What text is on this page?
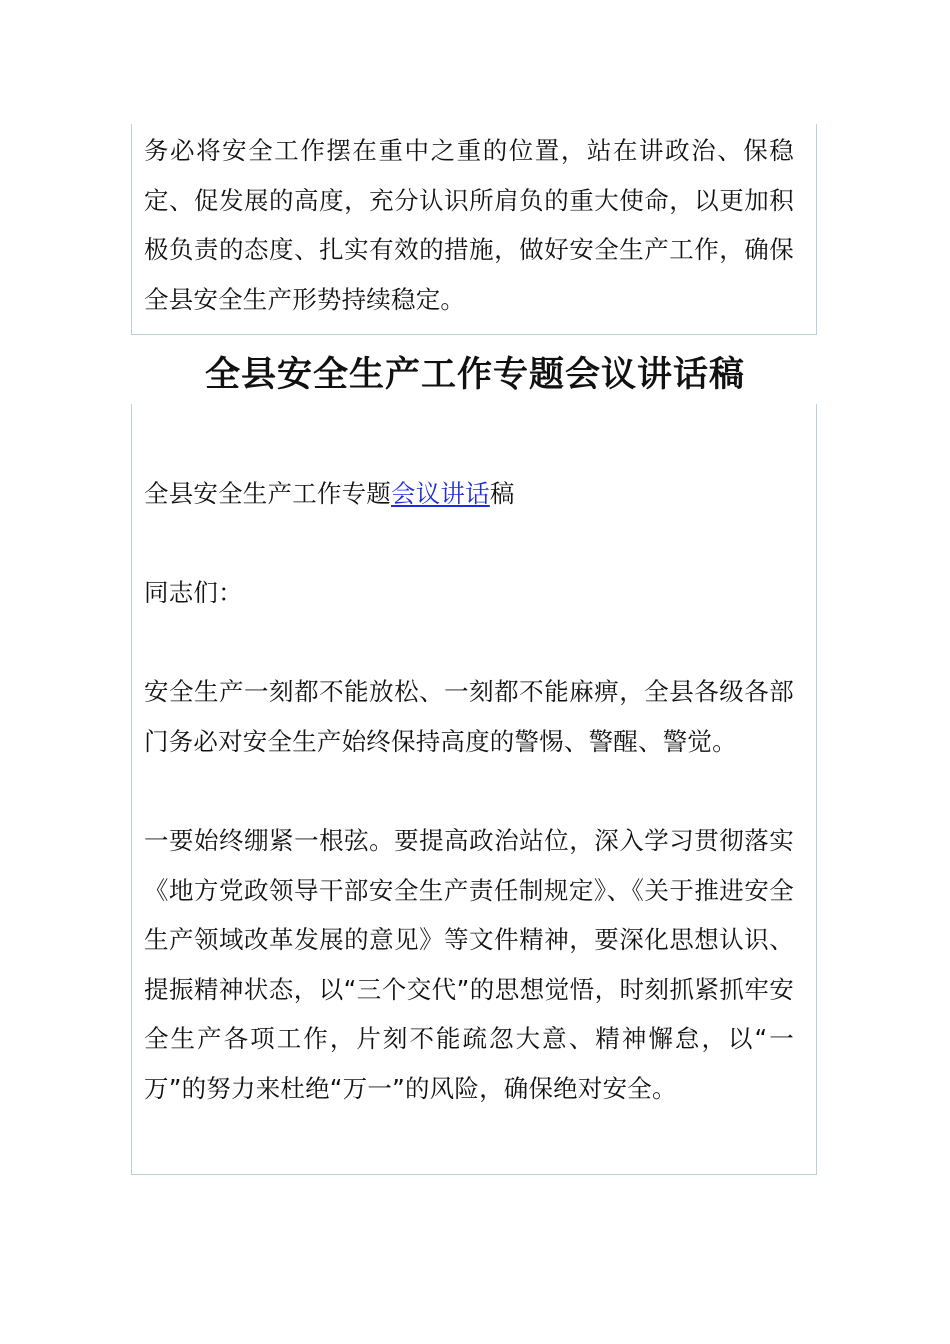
务必将安全工作摆在重中之重的位置，站在讲政治、保稳定、促发展的高度，充分认识所肩负的重大使命，以更加积极负责的态度、扎实有效的措施，做好安全生产工作，确保全县安全生产形势持续稳定。

全县安全生产工作专题会议讲话稿

全县安全生产工作专题会议讲话稿

同志们：

安全生产一刻都不能放松、一刻都不能麻痹，全县各级各部门务必对安全生产始终保持高度的警惕、警醒、警觉。

一要始终绷紧一根弦。要提高政治站位，深入学习贯彻落实《地方党政领导干部安全生产责任制规定》、《关于推进安全生产领域改革发展的意见》等文件精神，要深化思想认识、提振精神状态，以“三个交代”的思想觉悟，时刻抓紧抓牢安全生产各项工作，片刻不能疏忽大意、精神懈怠，以“一万”的努力来杜绝“万一”的风险，确保绝对安全。
